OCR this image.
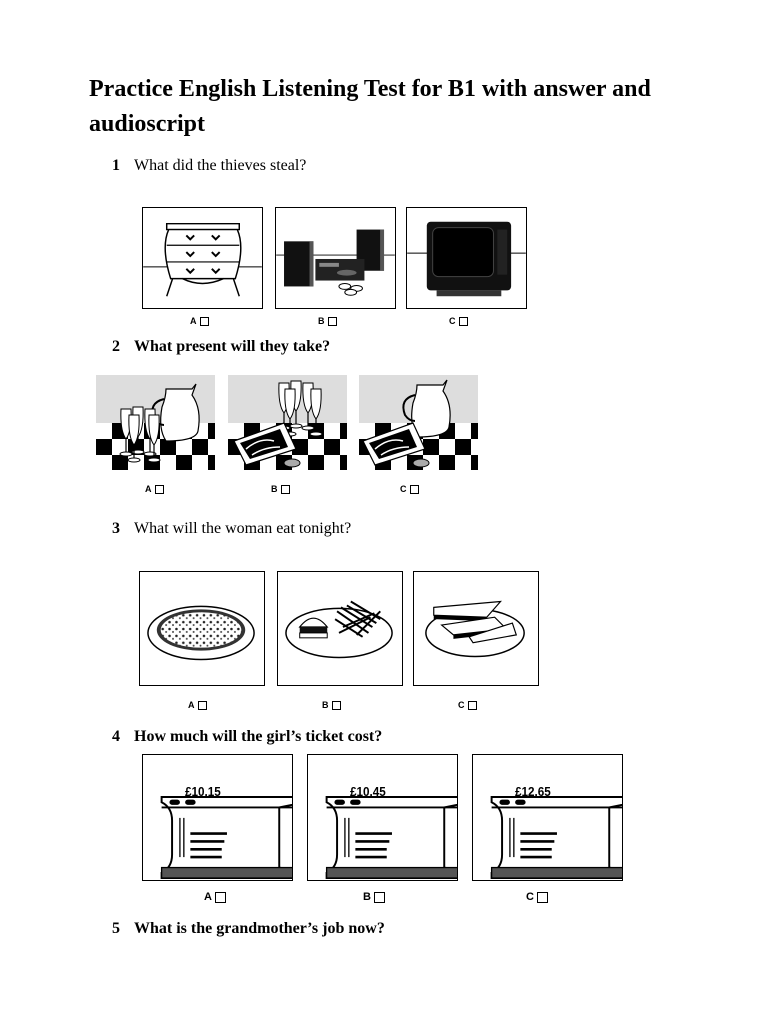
Practice English Listening Test for B1 with answer and audioscript
1 What did the thieves steal?
A	B	C
2 What present will they take?
A	B	C
3 What will the woman eat tonight?
A	B	C
4 How much will the girl’s ticket cost?
£10.15
A
£10.45
B
£12.65
C
5 What is the grandmother’s job now?
